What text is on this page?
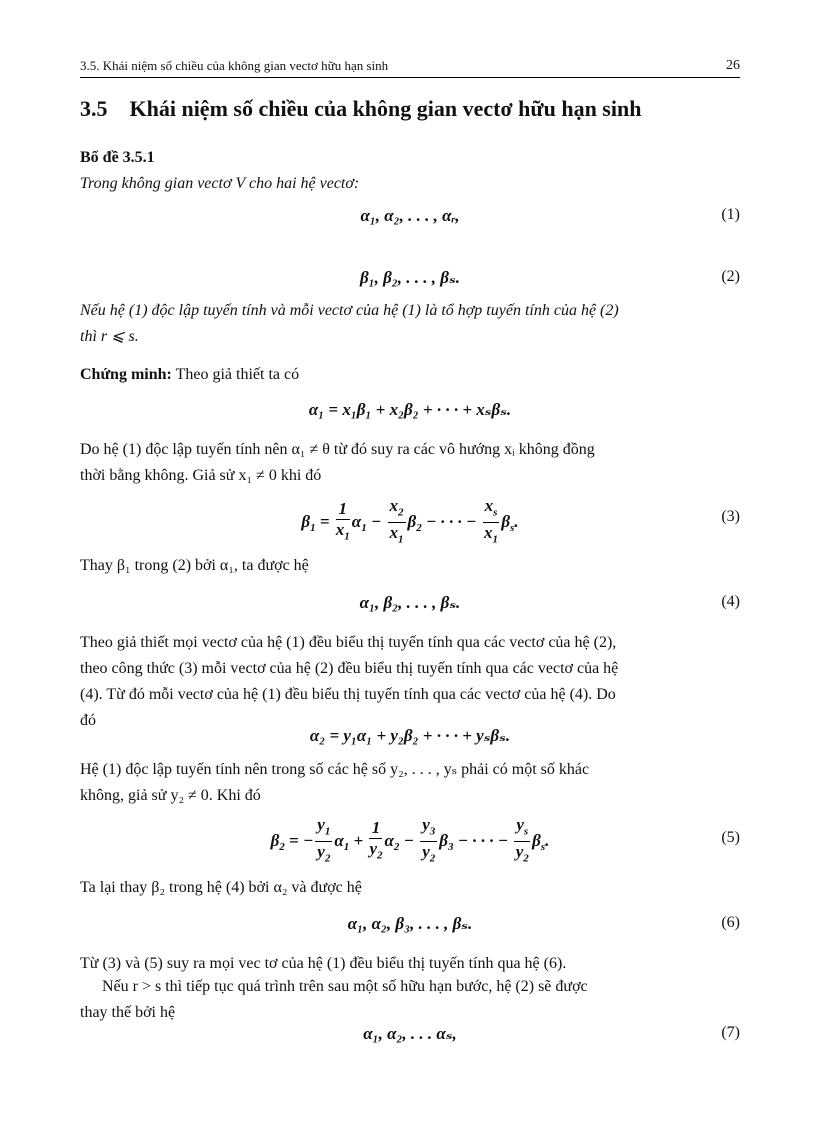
3.5. Khái niệm số chiều của không gian vectơ hữu hạn sinh	26
3.5 Khái niệm số chiều của không gian vectơ hữu hạn sinh
Bổ đề 3.5.1
Trong không gian vectơ V cho hai hệ vectơ:
α₁, α₂, . . . , αᵣ,	(1)
β₁, β₂, . . . , βₛ.	(2)
Nếu hệ (1) độc lập tuyến tính và mỗi vectơ của hệ (1) là tổ hợp tuyến tính của hệ (2)
thì r ⩽ s.
Chứng minh: Theo giả thiết ta có
α₁ = x₁β₁ + x₂β₂ + · · · + xₛβₛ.
Do hệ (1) độc lập tuyến tính nên α₁ ≠ θ từ đó suy ra các vô hướng xᵢ không đồng
thời bằng không. Giả sử x₁ ≠ 0 khi đó
$\beta_1 = \frac{1}{x_1} \alpha_1 - \frac{x_2}{x_1} \beta_2$ − · · · − $\frac{x_s}{x_1} \beta_s$.	(3)
Thay β₁ trong (2) bởi α₁, ta được hệ
α₁, β₂, . . . , βₛ.	(4)
Theo giả thiết mọi vectơ của hệ (1) đều biểu thị tuyến tính qua các vectơ của hệ (2),
theo công thức (3) mỗi vectơ của hệ (2) đều biểu thị tuyến tính qua các vectơ của hệ
(4). Từ đó mỗi vectơ của hệ (1) đều biểu thị tuyến tính qua các vectơ của hệ (4). Do
đó
α₂ = y₁α₁ + y₂β₂ + · · · + yₛβₛ.
Hệ (1) độc lập tuyến tính nên trong số các hệ số y₂, . . . , yₛ phải có một số khác
không, giả sử y₂ ≠ 0. Khi đó
$\beta_2$ = − $\frac{y_1}{y_2} \alpha_1 + \frac{1}{y_2} \alpha_2 - \frac{y_3}{y_2} \beta_3$ − · · · − $\frac{y_s}{y_2} \beta_s$.	(5)
Ta lại thay β₂ trong hệ (4) bởi α₂ và được hệ
α₁, α₂, β₃, . . . , βₛ.	(6)
Từ (3) và (5) suy ra mọi vec tơ của hệ (1) đều biểu thị tuyến tính qua hệ (6).
Nếu r > s thì tiếp tục quá trình trên sau một số hữu hạn bước, hệ (2) sẽ được
thay thế bởi hệ
α₁, α₂, . . . αₛ,	(7)
